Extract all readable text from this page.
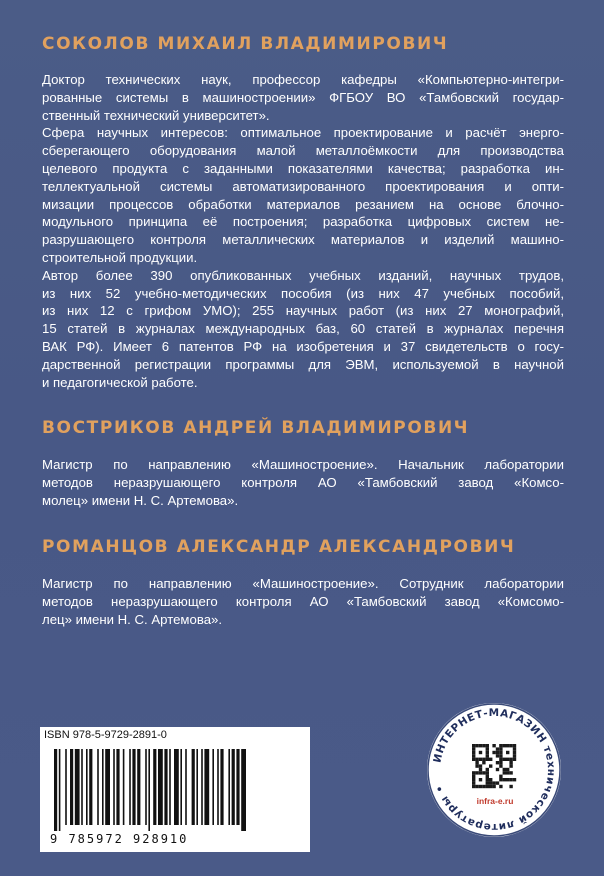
СОКОЛОВ МИХАИЛ ВЛАДИМИРОВИЧ
Доктор технических наук, профессор кафедры «Компьютерно-интегри-
рованные системы в машиностроении» ФГБОУ ВО «Тамбовский государ-
ственный технический университет».
Сфера научных интересов: оптимальное проектирование и расчёт энерго-
сберегающего оборудования малой металлоёмкости для производства
целевого продукта с заданными показателями качества; разработка ин-
теллектуальной системы автоматизированного проектирования и опти-
мизации процессов обработки материалов резанием на основе блочно-
модульного принципа её построения; разработка цифровых систем не-
разрушающего контроля металлических материалов и изделий машино-
строительной продукции.
Автор более 390 опубликованных учебных изданий, научных трудов,
из них 52 учебно-методических пособия (из них 47 учебных пособий,
из них 12 с грифом УМО); 255 научных работ (из них 27 монографий,
15 статей в журналах международных баз, 60 статей в журналах перечня
ВАК РФ). Имеет 6 патентов РФ на изобретения и 37 свидетельств о госу-
дарственной регистрации программы для ЭВМ, используемой в научной
и педагогической работе.
ВОСТРИКОВ АНДРЕЙ ВЛАДИМИРОВИЧ
Магистр по направлению «Машиностроение». Начальник лаборатории
методов неразрушающего контроля АО «Тамбовский завод «Комсо-
молец» имени Н. С. Артемова».
РОМАНЦОВ АЛЕКСАНДР АЛЕКСАНДРОВИЧ
Магистр по направлению «Машиностроение». Сотрудник лаборатории
методов неразрушающего контроля АО «Тамбовский завод «Комсомо-
лец» имени Н. С. Артемова».
ISBN 978-5-9729-2891-0
9 785972 928910
ИНТЕРНЕТ-МАГАЗИН технической литературы •
infra-e.ru
